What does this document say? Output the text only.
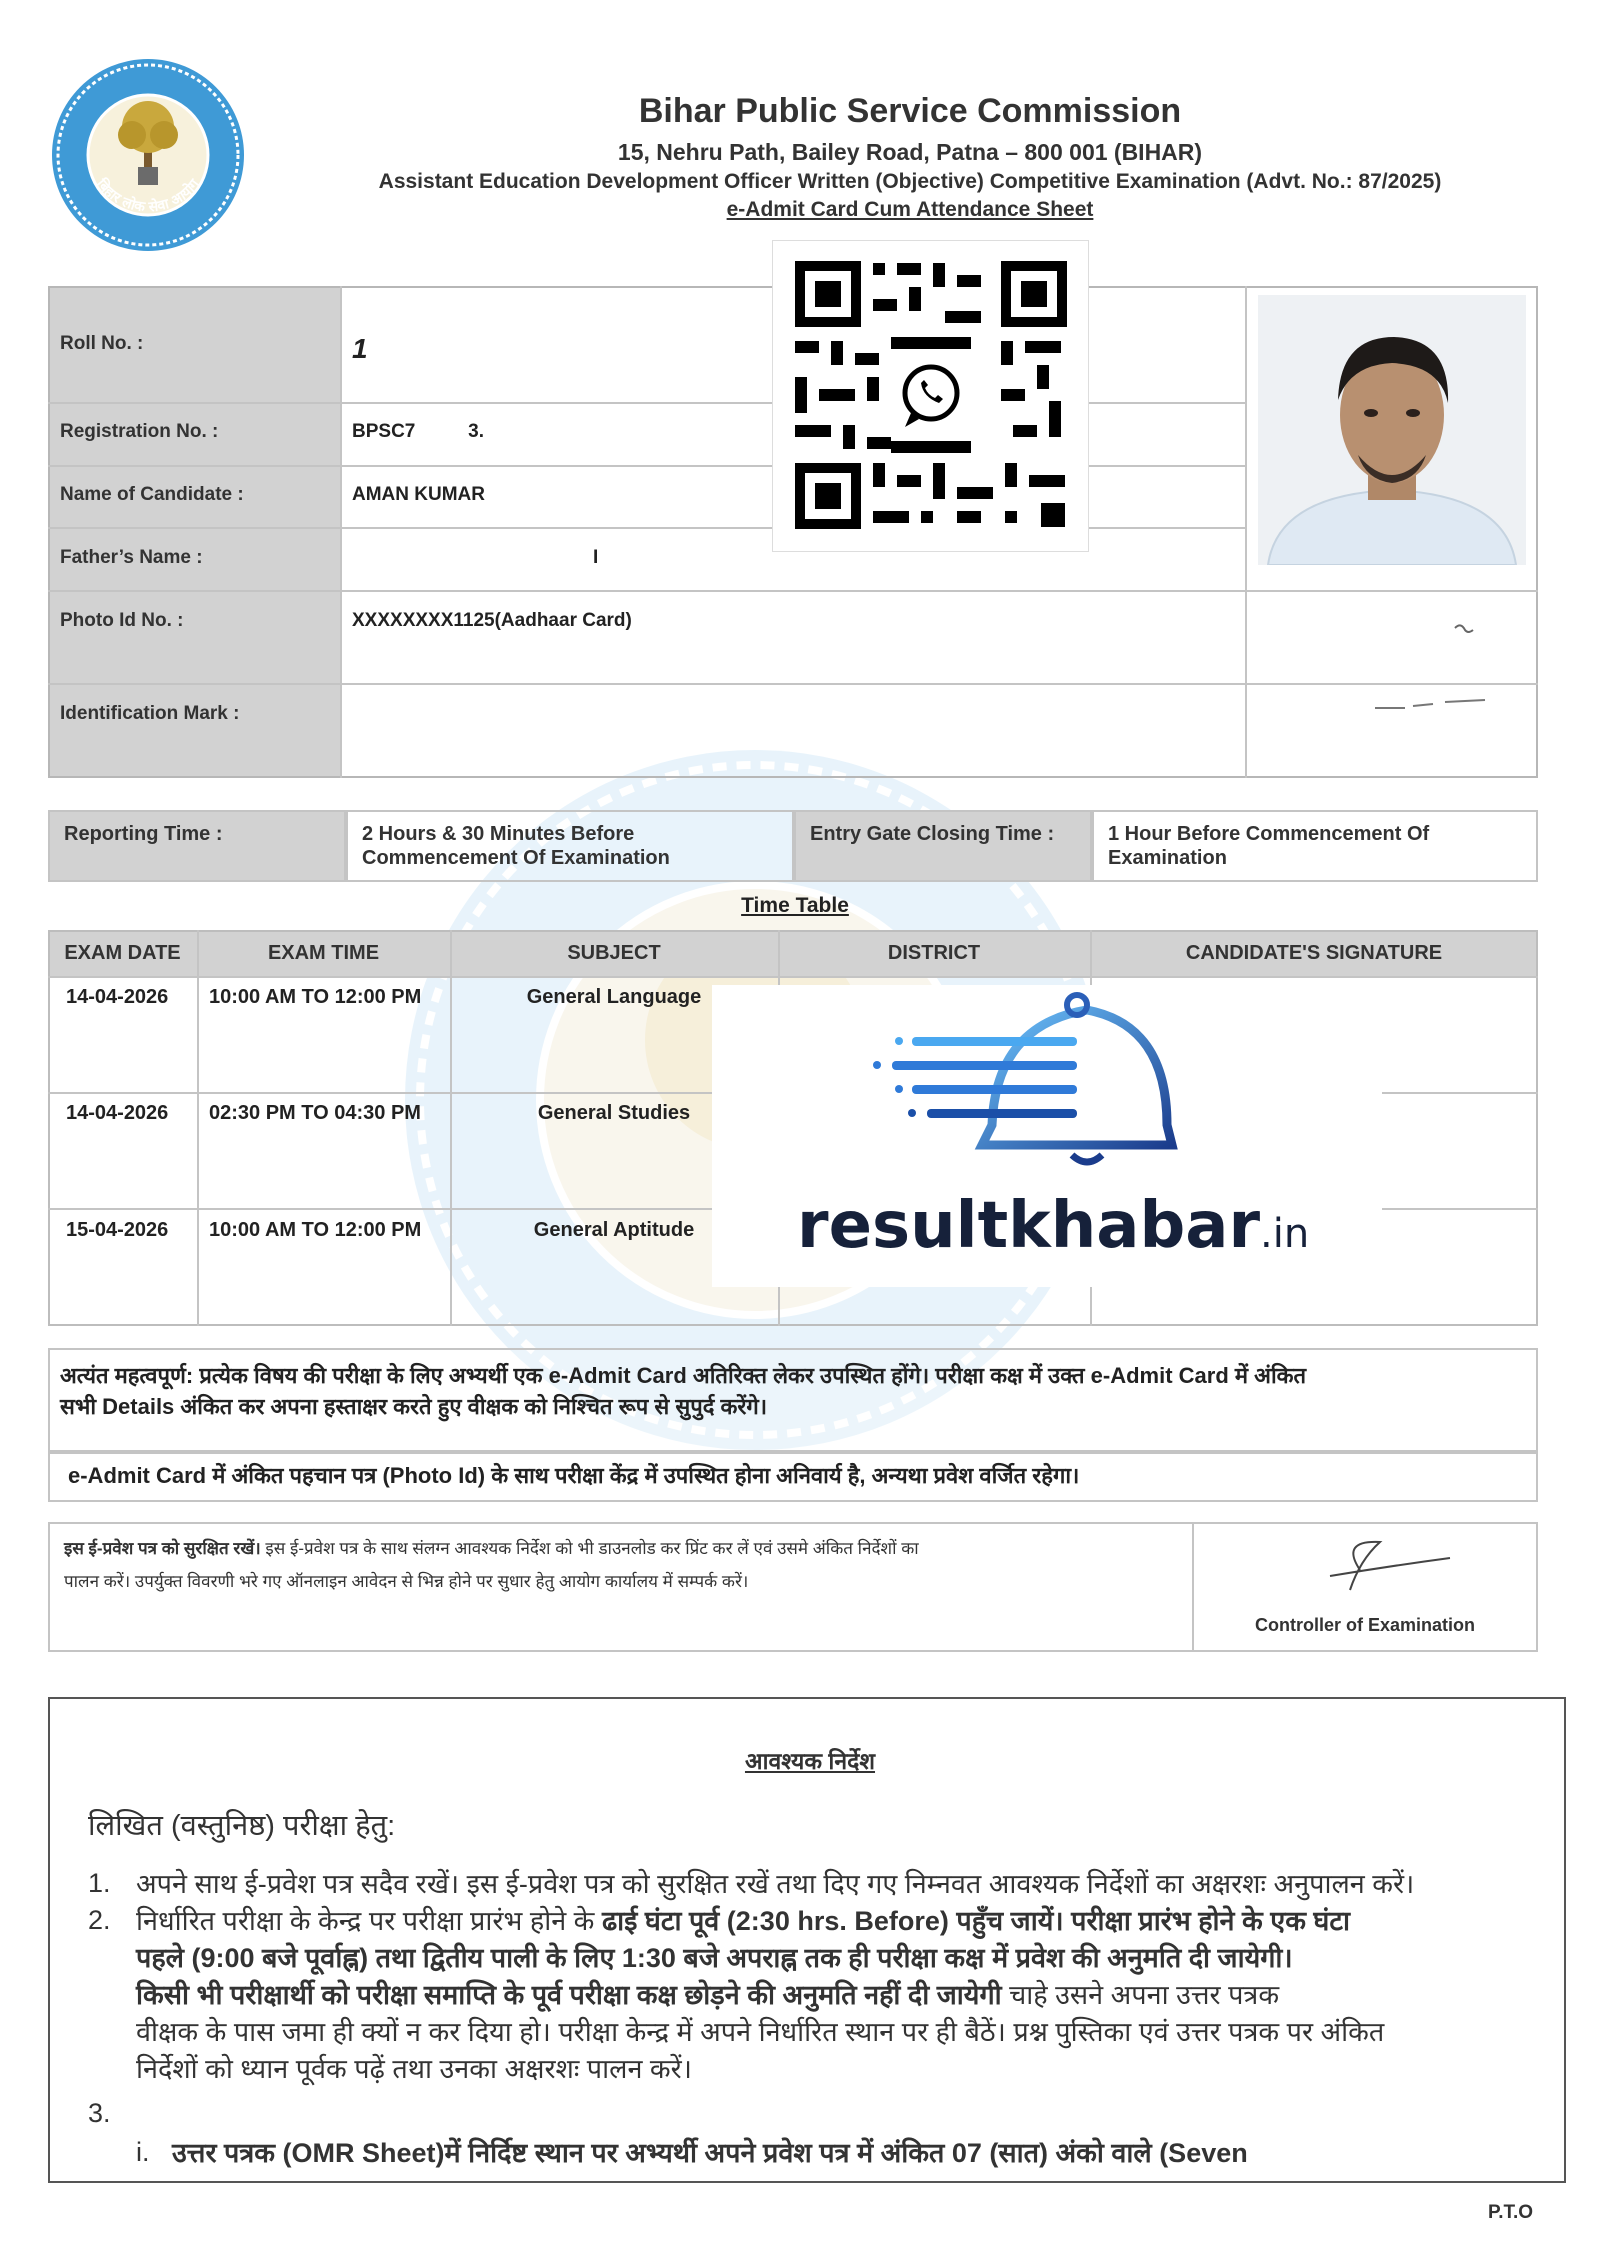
बिहार लोक सेवा आयोग
Bihar Public Service Commission
15, Nehru Path, Bailey Road, Patna – 800 001 (BIHAR)
Assistant Education Development Officer Written (Objective) Competitive Examination (Advt. No.: 87/2025)
e-Admit Card Cum Attendance Sheet
Roll No. :	1
Registration No. :	BPSC7          3.
Name of Candidate :	AMAN KUMAR
Father’s Name :	I
Photo Id No. :	XXXXXXXX1125(Aadhaar Card)
Identification Mark :
Reporting Time :	2 Hours & 30 Minutes Before
Commencement Of Examination
Entry Gate Closing Time :	1 Hour Before Commencement Of
Examination
Time Table
EXAM DATE	EXAM TIME	SUBJECT	DISTRICT	CANDIDATE'S SIGNATURE
14-04-2026 10:00 AM TO 12:00 PM	General Language
14-04-2026 02:30 PM TO 04:30 PM	General Studies
15-04-2026 10:00 AM TO 12:00 PM	General Aptitude	resultkhabar.in
अत्यंत महत्वपूर्ण: प्रत्येक विषय की परीक्षा के लिए अभ्यर्थी एक e-Admit Card अतिरिक्त लेकर उपस्थित होंगे। परीक्षा कक्ष में उक्त e-Admit Card में अंकित
सभी Details अंकित कर अपना हस्ताक्षर करते हुए वीक्षक को निश्चित रूप से सुपुर्द करेंगे।
e-Admit Card में अंकित पहचान पत्र (Photo Id) के साथ परीक्षा केंद्र में उपस्थित होना अनिवार्य है, अन्यथा प्रवेश वर्जित रहेगा।
इस ई-प्रवेश पत्र को सुरक्षित रखें। इस ई-प्रवेश पत्र के साथ संलग्न आवश्यक निर्देश को भी डाउनलोड कर प्रिंट कर लें एवं उसमे अंकित निर्देशों का
पालन करें। उपर्युक्त विवरणी भरे गए ऑनलाइन आवेदन से भिन्न होने पर सुधार हेतु आयोग कार्यालय में सम्पर्क करें।
Controller of Examination
आवश्यक निर्देश
लिखित (वस्तुनिष्ठ) परीक्षा हेतु:
1. अपने साथ ई-प्रवेश पत्र सदैव रखें। इस ई-प्रवेश पत्र को सुरक्षित रखें तथा दिए गए निम्नवत आवश्यक निर्देशों का अक्षरशः अनुपालन करें।
2. निर्धारित परीक्षा के केन्द्र पर परीक्षा प्रारंभ होने के ढाई घंटा पूर्व (2:30 hrs. Before) पहुँच जायें। परीक्षा प्रारंभ होने के एक घंटा
पहले (9:00 बजे पूर्वाह्न) तथा द्वितीय पाली के लिए 1:30 बजे अपराह्न तक ही परीक्षा कक्ष में प्रवेश की अनुमति दी जायेगी।
किसी भी परीक्षार्थी को परीक्षा समाप्ति के पूर्व परीक्षा कक्ष छोड़ने की अनुमति नहीं दी जायेगी चाहे उसने अपना उत्तर पत्रक
वीक्षक के पास जमा ही क्यों न कर दिया हो। परीक्षा केन्द्र में अपने निर्धारित स्थान पर ही बैठें। प्रश्न पुस्तिका एवं उत्तर पत्रक पर अंकित
निर्देशों को ध्यान पूर्वक पढ़ें तथा उनका अक्षरशः पालन करें।
3.
i. उत्तर पत्रक (OMR Sheet)में निर्दिष्ट स्थान पर अभ्यर्थी अपने प्रवेश पत्र में अंकित 07 (सात) अंको वाले (Seven
P.T.O
